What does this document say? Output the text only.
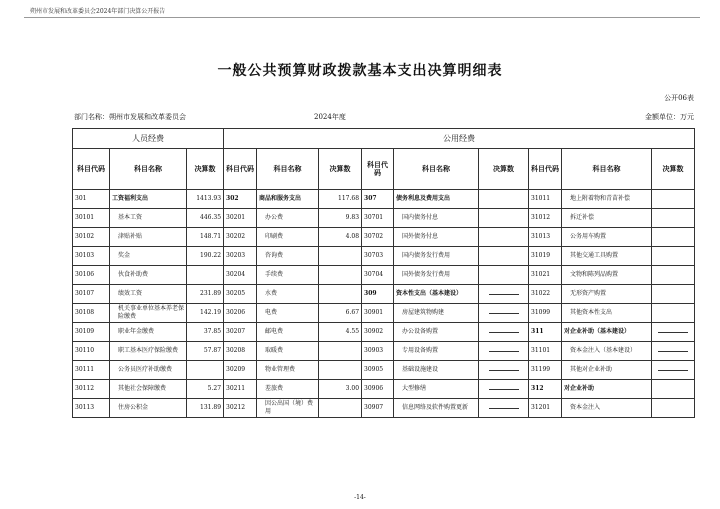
朔州市发展和改革委员会2024年部门决算公开报告
一般公共预算财政拨款基本支出决算明细表
公开06表
部门名称：朔州市发展和改革委员会	2024年度	金额单位：万元
人员经费			公用经费								
科目代码	科目名称	决算数	科目代码	科目名称	决算数	科目代码	科目名称	决算数	科目代码	科目名称	决算数
301	工资福利支出	1413.93	302	商品和服务支出	117.68	307	债务利息及费用支出		31011	地上附着物和青苗补偿	
30101	基本工资	446.35	30201	办公费	9.83	30701	国内债务付息		31012	拆迁补偿	
30102	津贴补贴	148.71	30202	印刷费	4.08	30702	国外债务付息		31013	公务用车购置	
30103	奖金	190.22	30203	咨询费		30703	国内债务发行费用		31019	其他交通工具购置	
30106	伙食补助费		30204	手续费		30704	国外债务发行费用		31021	文物和陈列品购置	
30107	绩效工资	231.89	30205	水费		309	资本性支出（基本建设）		31022	无形资产购置	
30108	机关事业单位基本养老保险缴费	142.19	30206	电费	6.67	30901	房屋建筑物购建		31099	其他资本性支出	
30109	职业年金缴费	37.85	30207	邮电费	4.55	30902	办公设备购置		311	对企业补助（基本建设）	
30110	职工基本医疗保险缴费	57.87	30208	取暖费		30903	专用设备购置		31101	资本金注入（基本建设）	
30111	公务员医疗补助缴费		30209	物业管理费		30905	基础设施建设		31199	其他对企业补助	
30112	其他社会保障缴费	5.27	30211	差旅费	3.00	30906	大型修缮		312	对企业补助	
30113	住房公积金	131.89	30212	因公出国（境）费用		30907	信息网络及软件购置更新		31201	资本金注入	
-14-
